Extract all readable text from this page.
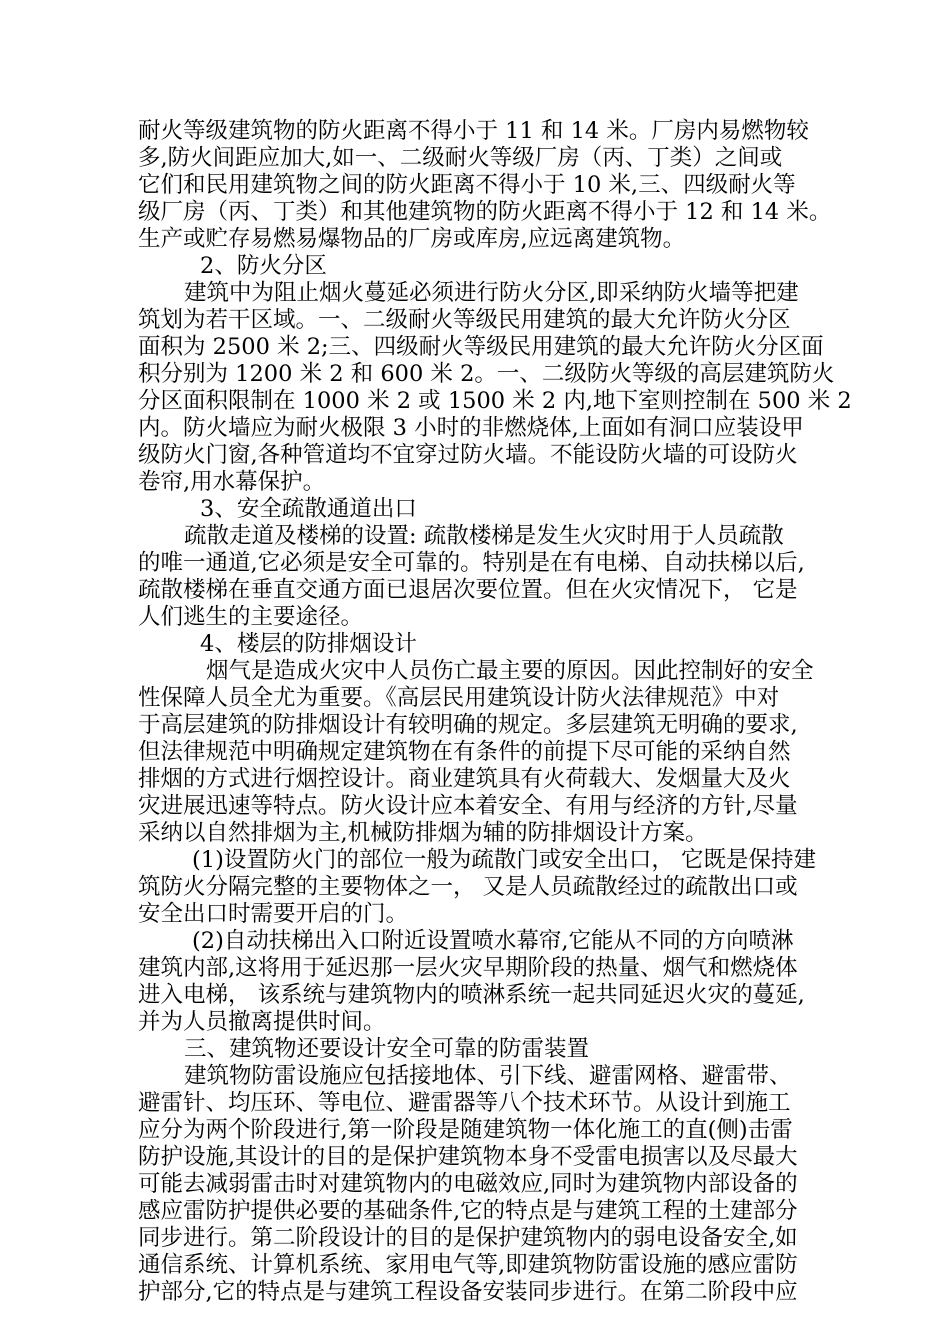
耐火等级建筑物的防火距离不得小于 11 和 14 米。厂房内易燃物较
多,防火间距应加大,如一、二级耐火等级厂房（丙、丁类）之间或
它们和民用建筑物之间的防火距离不得小于 10 米,三、四级耐火等
级厂房（丙、丁类）和其他建筑物的防火距离不得小于 12 和 14 米。
生产或贮存易燃易爆物品的厂房或库房,应远离建筑物。
2、防火分区
建筑中为阻止烟火蔓延必须进行防火分区,即采纳防火墙等把建
筑划为若干区域。一、二级耐火等级民用建筑的最大允许防火分区
面积为 2500 米 2;三、四级耐火等级民用建筑的最大允许防火分区面
积分别为 1200 米 2 和 600 米 2。一、二级防火等级的高层建筑防火
分区面积限制在 1000 米 2 或 1500 米 2 内,地下室则控制在 500 米 2
内。防火墙应为耐火极限 3 小时的非燃烧体,上面如有洞口应装设甲
级防火门窗,各种管道均不宜穿过防火墙。不能设防火墙的可设防火
卷帘,用水幕保护。
3、安全疏散通道出口
疏散走道及楼梯的设置: 疏散楼梯是发生火灾时用于人员疏散
的唯一通道,它必须是安全可靠的。特别是在有电梯、自动扶梯以后,
疏散楼梯在垂直交通方面已退居次要位置。但在火灾情况下， 它是
人们逃生的主要途径。
4、楼层的防排烟设计
烟气是造成火灾中人员伤亡最主要的原因。因此控制好的安全
性保障人员全尤为重要。《高层民用建筑设计防火法律规范》中对
于高层建筑的防排烟设计有较明确的规定。多层建筑无明确的要求,
但法律规范中明确规定建筑物在有条件的前提下尽可能的采纳自然
排烟的方式进行烟控设计。商业建筑具有火荷载大、发烟量大及火
灾进展迅速等特点。防火设计应本着安全、有用与经济的方针,尽量
采纳以自然排烟为主,机械防排烟为辅的防排烟设计方案。
(1)设置防火门的部位一般为疏散门或安全出口， 它既是保持建
筑防火分隔完整的主要物体之一， 又是人员疏散经过的疏散出口或
安全出口时需要开启的门。
(2)自动扶梯出入口附近设置喷水幕帘,它能从不同的方向喷淋
建筑内部,这将用于延迟那一层火灾早期阶段的热量、烟气和燃烧体
进入电梯， 该系统与建筑物内的喷淋系统一起共同延迟火灾的蔓延,
并为人员撤离提供时间。
三、建筑物还要设计安全可靠的防雷装置
建筑物防雷设施应包括接地体、引下线、避雷网格、避雷带、
避雷针、均压环、等电位、避雷器等八个技术环节。从设计到施工
应分为两个阶段进行,第一阶段是随建筑物一体化施工的直(侧)击雷
防护设施,其设计的目的是保护建筑物本身不受雷电损害以及尽最大
可能去减弱雷击时对建筑物内的电磁效应,同时为建筑物内部设备的
感应雷防护提供必要的基础条件,它的特点是与建筑工程的土建部分
同步进行。第二阶段设计的目的是保护建筑物内的弱电设备安全,如
通信系统、计算机系统、家用电气等,即建筑物防雷设施的感应雷防
护部分,它的特点是与建筑工程设备安装同步进行。在第二阶段中应
